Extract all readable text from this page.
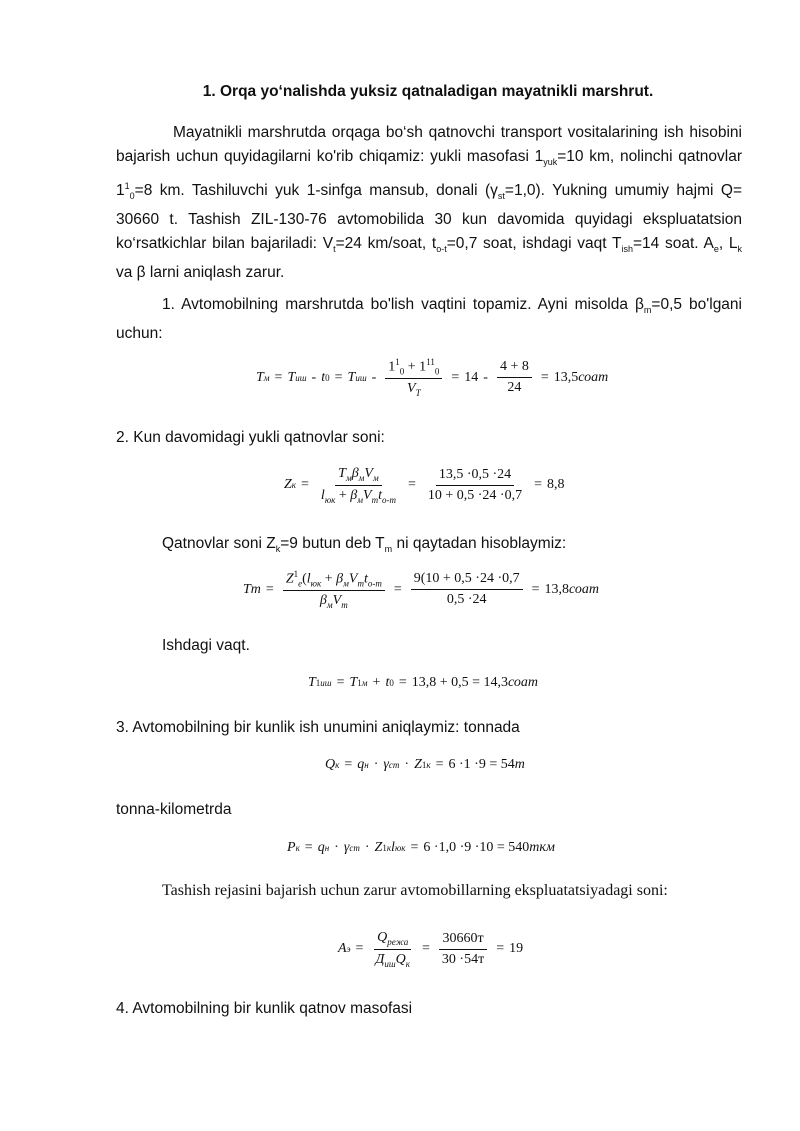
1. Orqa yo‘nalishda yuksiz qatnaladigan mayatnikli marshrut.
Mayatnikli marshrutda orqaga bo‘sh qatnovchi transport vositalarining ish hisobini bajarish uchun quyidagilarni ko'rib chiqamiz: yukli masofasi $1_{yuk}=10$ km, nolinchi qatnovlar $1^1_0=8$ km. Tashiluvchi yuk 1-sinfga mansub, donali $(\gamma_{st}=1,0)$. Yukning umumiy hajmi Q= 30660 t. Tashish ZIL-130-76 avtomobilida 30 kun davomida quyidagi ekspluatatsion ko‘rsatkichlar bilan bajariladi: $V_t=24$ km/soat, $t_{o-t}=0,7$ soat, ishdagi vaqt $T_{ish}=14$ soat. $A_e$, $L_k$ va β larni aniqlash zarur.
1. Avtomobilning marshrutda bo'lish vaqtini topamiz. Ayni misolda $\beta_m=0,5$ bo'lgani uchun:
T м = T иш - t 0 = T иш - $\frac{1^1_0 + 1^{11}_0}{V_T} = 14 - \frac{4 + 8}{24} = 13,5$ соат
2. Kun davomidagi yukli qatnovlar soni:
Z $к = \frac{T_м\beta_мV_м}{l_{юк} + \beta_мV_тt_{о-т}} = \frac{13,5 \cdot 0,5 \cdot 24}{10 + 0,5 \cdot 24 \cdot 0,7} = 8,8$
Qatnovlar soni $Z_k=9$ butun deb $T_m$ ni qaytadan hisoblaymiz:
$Tm = \frac{Z^1_e(l_{юк} + \beta_мV_тt_{о-т}}{\beta_мV_т} = \frac{9(10 + 0,5 \cdot 24 \cdot 0,7}{0,5 \cdot 24} = 13,8$ соат
Ishdagi vaqt.
T 1 иш = T 1 м + t 0 = 13,8 + 0,5 = 14,3 соат
3. Avtomobilning bir kunlik ish unumini aniqlaymiz: tonnada
Q к = q н · γ ст · Z 1 к = 6 ·1 ·9 = 54 т
tonna-kilometrda
P к = q н · γ ст · Z 1 к l юк = 6 ·1,0 ·9 ·10 = 540 ткм
Tashish rejasini bajarish uchun zarur avtomobillarning ekspluatatsiyadagi soni:
A $э = \frac{Q_{режа}}{Д_{иш}Q_к} = \frac{30660т}{30 \cdot 54т} = 19$
4. Avtomobilning bir kunlik qatnov masofasi
